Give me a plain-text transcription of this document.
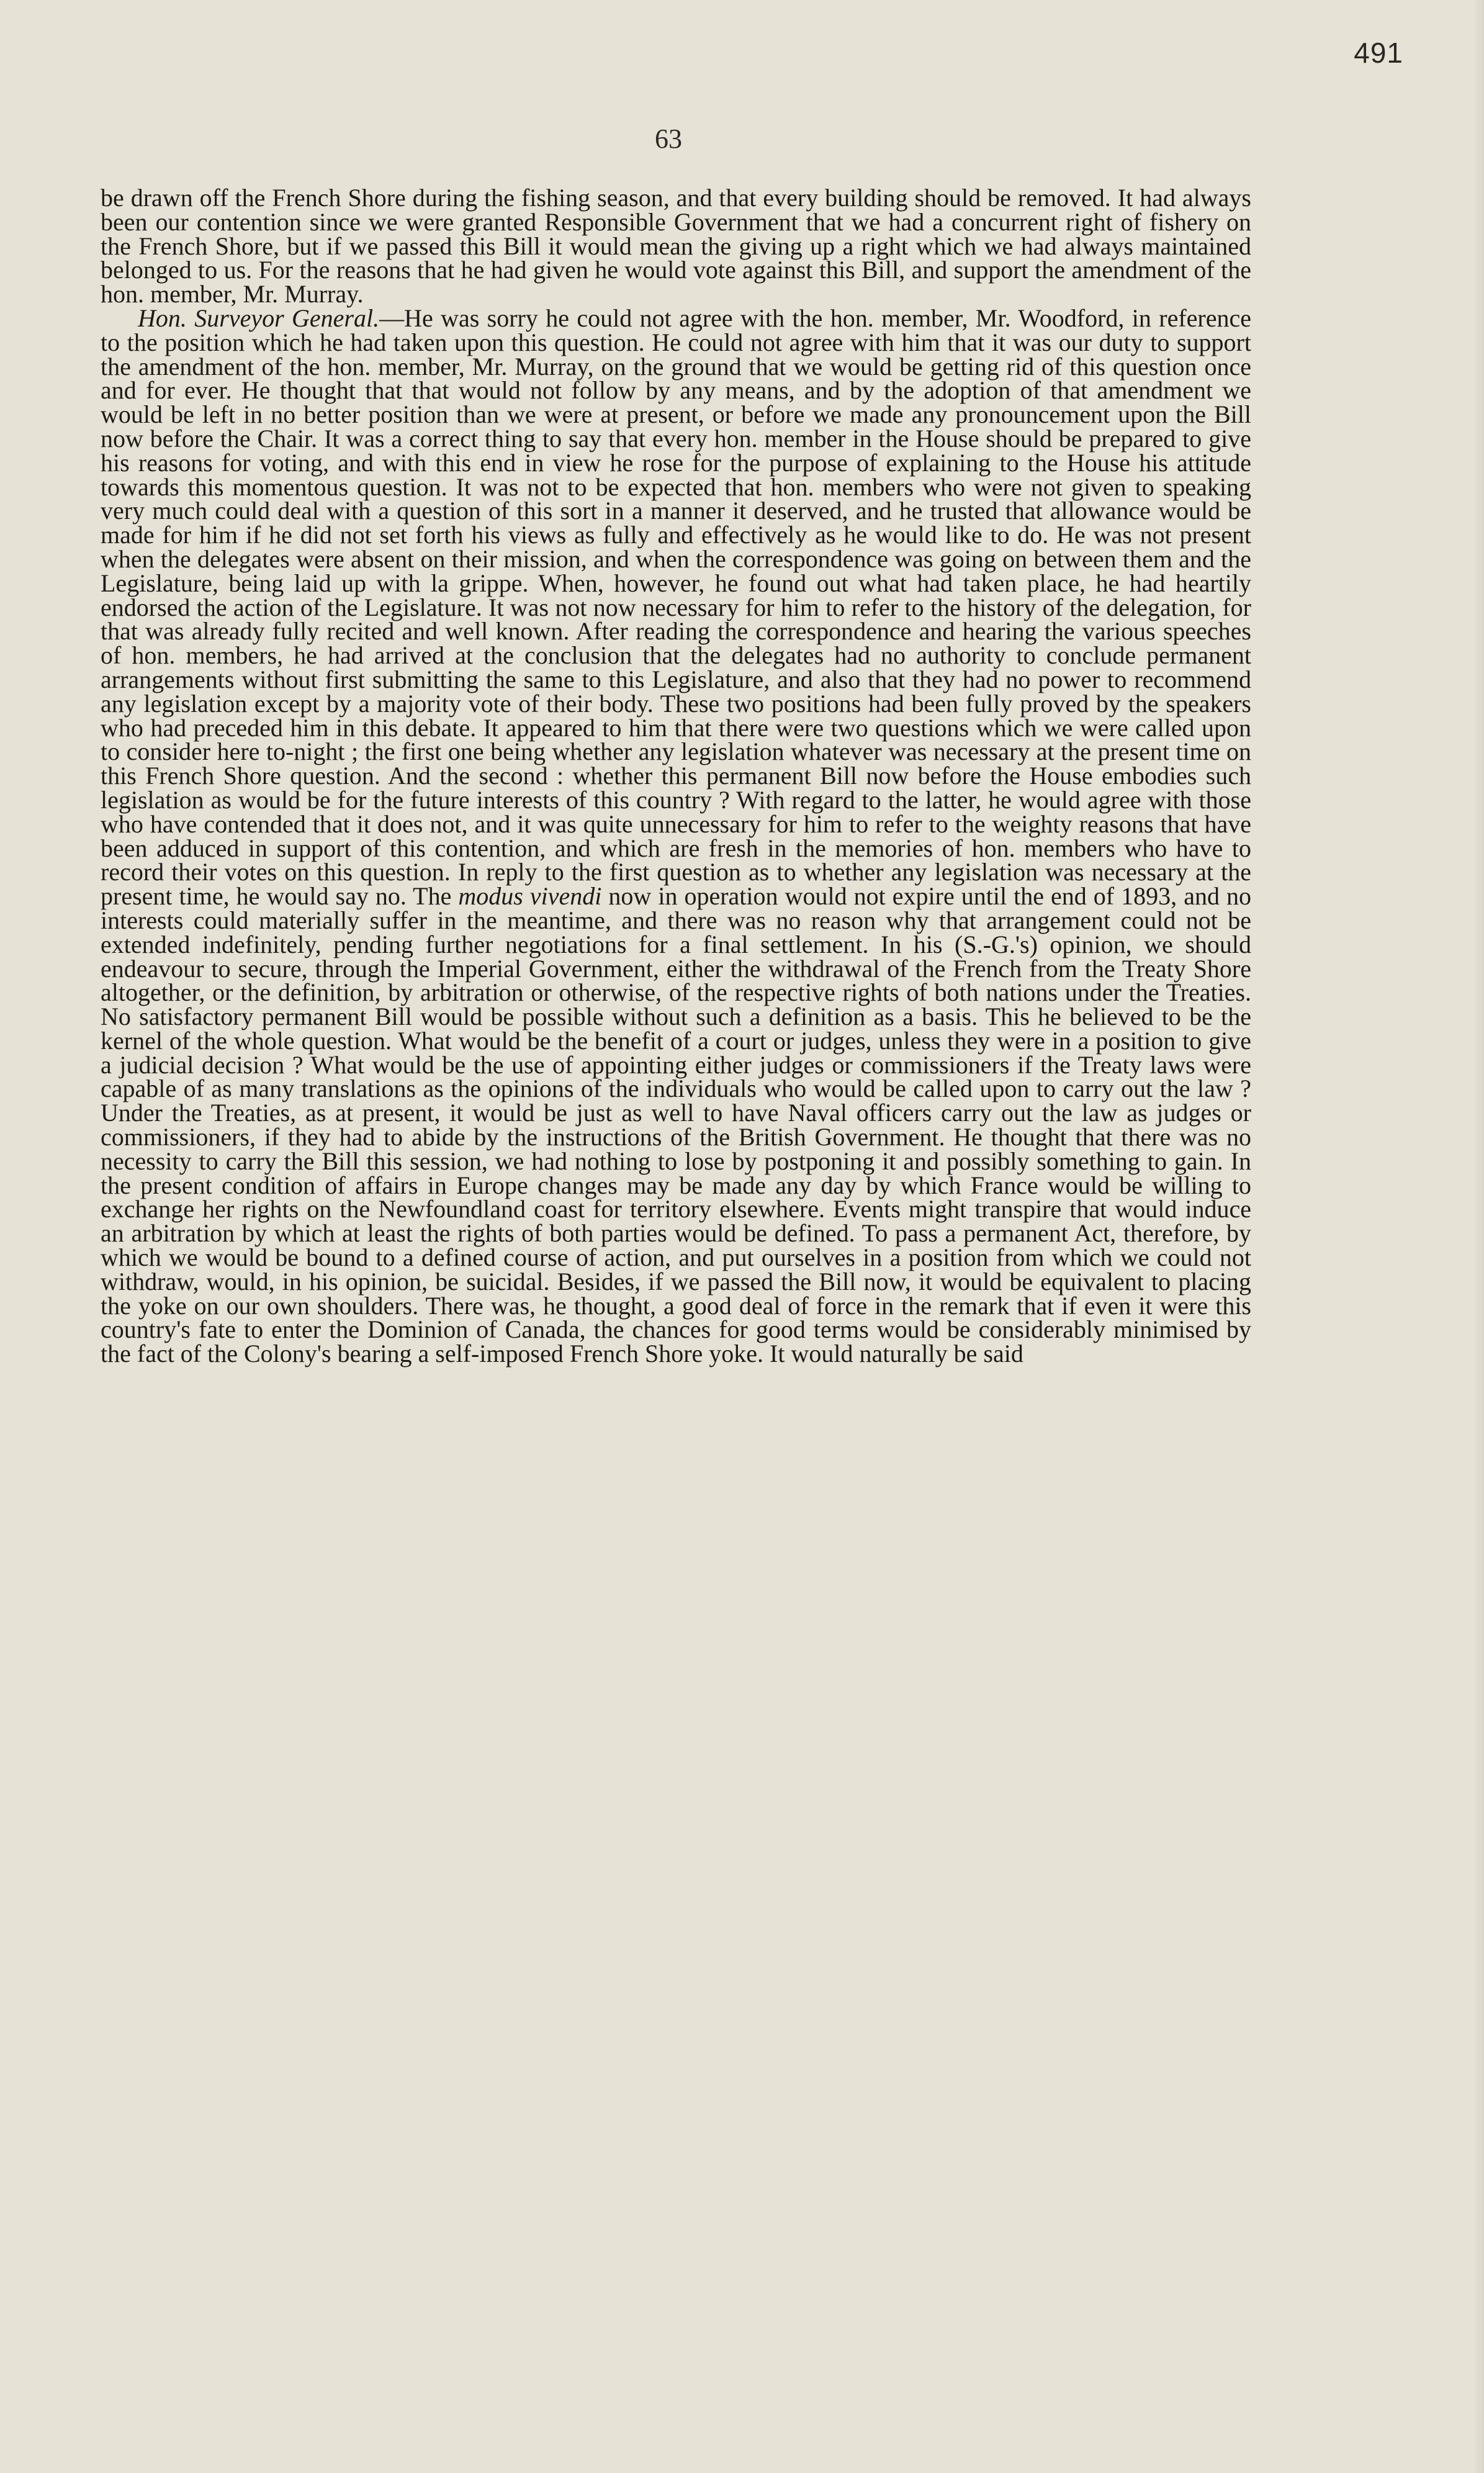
491
63

be drawn off the French Shore during the fishing season, and that every building should be removed. It had always been our contention since we were granted Responsible Government that we had a concurrent right of fishery on the French Shore, but if we passed this Bill it would mean the giving up a right which we had always maintained belonged to us. For the reasons that he had given he would vote against this Bill, and support the amendment of the hon. member, Mr. Murray.

Hon. Surveyor General.—He was sorry he could not agree with the hon. member, Mr. Woodford, in reference to the position which he had taken upon this question. He could not agree with him that it was our duty to support the amendment of the hon. member, Mr. Murray, on the ground that we would be getting rid of this question once and for ever. He thought that that would not follow by any means, and by the adoption of that amendment we would be left in no better position than we were at present, or before we made any pronouncement upon the Bill now before the Chair. It was a correct thing to say that every hon. member in the House should be prepared to give his reasons for voting, and with this end in view he rose for the purpose of explaining to the House his attitude towards this momentous question. It was not to be expected that hon. members who were not given to speaking very much could deal with a question of this sort in a manner it deserved, and he trusted that allowance would be made for him if he did not set forth his views as fully and effectively as he would like to do. He was not present when the delegates were absent on their mission, and when the correspondence was going on between them and the Legislature, being laid up with la grippe. When, however, he found out what had taken place, he had heartily endorsed the action of the Legislature. It was not now necessary for him to refer to the history of the delegation, for that was already fully recited and well known. After reading the correspondence and hearing the various speeches of hon. members, he had arrived at the conclusion that the delegates had no authority to conclude permanent arrangements without first submitting the same to this Legislature, and also that they had no power to recommend any legislation except by a majority vote of their body. These two positions had been fully proved by the speakers who had preceded him in this debate. It appeared to him that there were two questions which we were called upon to consider here to-night ; the first one being whether any legislation whatever was necessary at the present time on this French Shore question. And the second : whether this permanent Bill now before the House embodies such legislation as would be for the future interests of this country ? With regard to the latter, he would agree with those who have contended that it does not, and it was quite unnecessary for him to refer to the weighty reasons that have been adduced in support of this contention, and which are fresh in the memories of hon. members who have to record their votes on this question. In reply to the first question as to whether any legislation was necessary at the present time, he would say no. The modus vivendi now in operation would not expire until the end of 1893, and no interests could materially suffer in the meantime, and there was no reason why that arrangement could not be extended indefinitely, pending further negotiations for a final settlement. In his (S.-G.'s) opinion, we should endeavour to secure, through the Imperial Government, either the withdrawal of the French from the Treaty Shore altogether, or the definition, by arbitration or otherwise, of the respective rights of both nations under the Treaties. No satisfactory permanent Bill would be possible without such a definition as a basis. This he believed to be the kernel of the whole question. What would be the benefit of a court or judges, unless they were in a position to give a judicial decision ? What would be the use of appointing either judges or commissioners if the Treaty laws were capable of as many translations as the opinions of the individuals who would be called upon to carry out the law ? Under the Treaties, as at present, it would be just as well to have Naval officers carry out the law as judges or commissioners, if they had to abide by the instructions of the British Government. He thought that there was no necessity to carry the Bill this session, we had nothing to lose by postponing it and possibly something to gain. In the present condition of affairs in Europe changes may be made any day by which France would be willing to exchange her rights on the Newfoundland coast for territory elsewhere. Events might transpire that would induce an arbitration by which at least the rights of both parties would be defined. To pass a permanent Act, therefore, by which we would be bound to a defined course of action, and put ourselves in a position from which we could not withdraw, would, in his opinion, be suicidal. Besides, if we passed the Bill now, it would be equivalent to placing the yoke on our own shoulders. There was, he thought, a good deal of force in the remark that if even it were this country's fate to enter the Dominion of Canada, the chances for good terms would be considerably minimised by the fact of the Colony's bearing a self-imposed French Shore yoke. It would naturally be said
